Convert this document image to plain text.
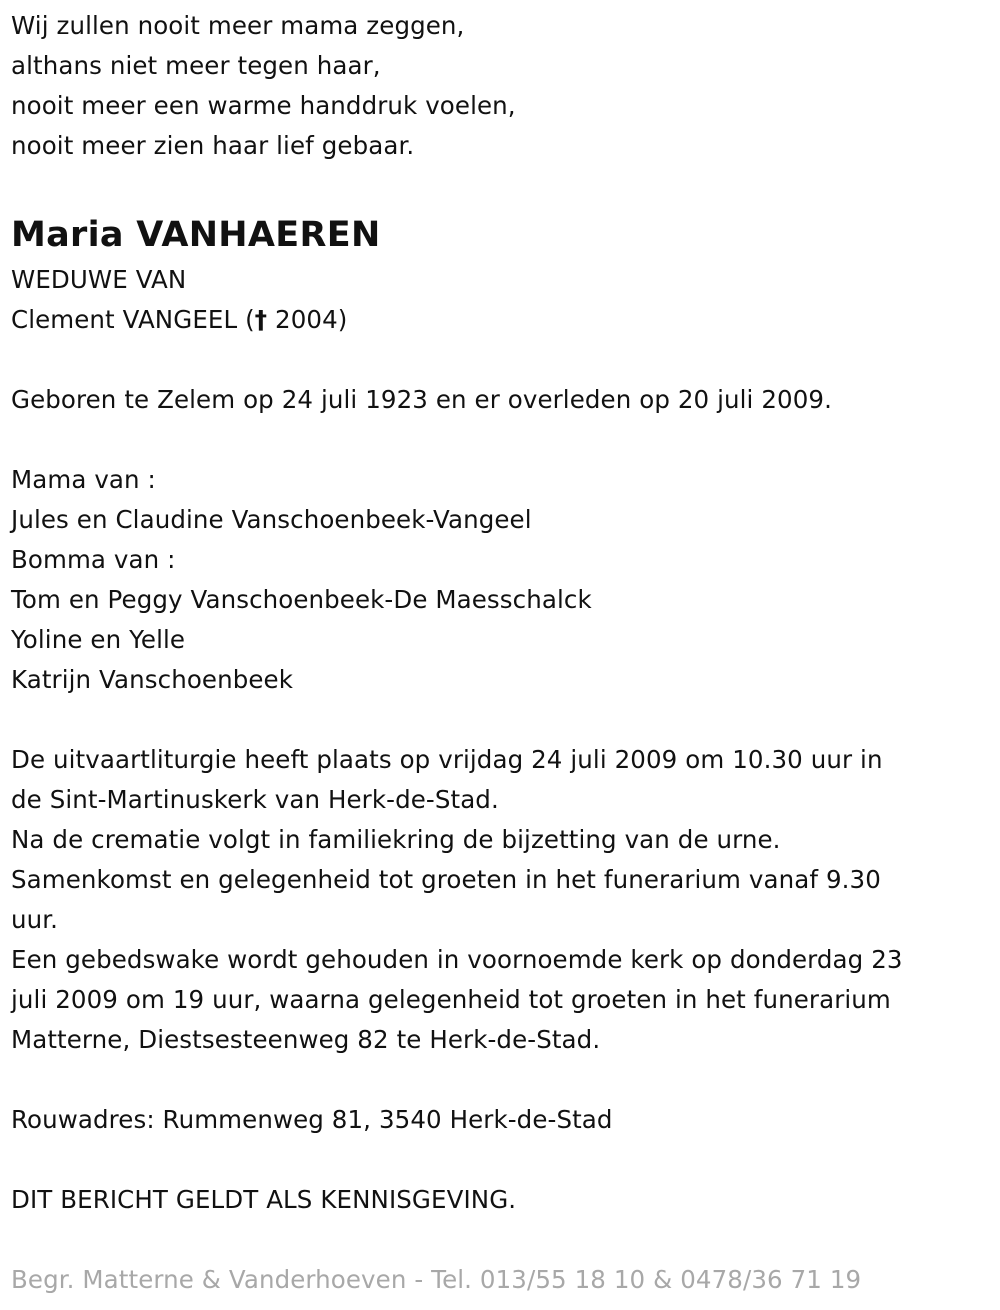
Wij zullen nooit meer mama zeggen,
althans niet meer tegen haar,
nooit meer een warme handdruk voelen,
nooit meer zien haar lief gebaar.
Maria VANHAEREN
WEDUWE VAN
Clement VANGEEL († 2004)
Geboren te Zelem op 24 juli 1923 en er overleden op 20 juli 2009.
Mama van :
Jules en Claudine Vanschoenbeek-Vangeel
Bomma van :
Tom en Peggy Vanschoenbeek-De Maesschalck
Yoline en Yelle
Katrijn Vanschoenbeek
De uitvaartliturgie heeft plaats op vrijdag 24 juli 2009 om 10.30 uur in
de Sint-Martinuskerk van Herk-de-Stad.
Na de crematie volgt in familiekring de bijzetting van de urne.
Samenkomst en gelegenheid tot groeten in het funerarium vanaf 9.30
uur.
Een gebedswake wordt gehouden in voornoemde kerk op donderdag 23
juli 2009 om 19 uur, waarna gelegenheid tot groeten in het funerarium
Matterne, Diestsesteenweg 82 te Herk-de-Stad.
Rouwadres: Rummenweg 81, 3540 Herk-de-Stad
DIT BERICHT GELDT ALS KENNISGEVING.
Begr. Matterne & Vanderhoeven - Tel. 013/55 18 10 & 0478/36 71 19
